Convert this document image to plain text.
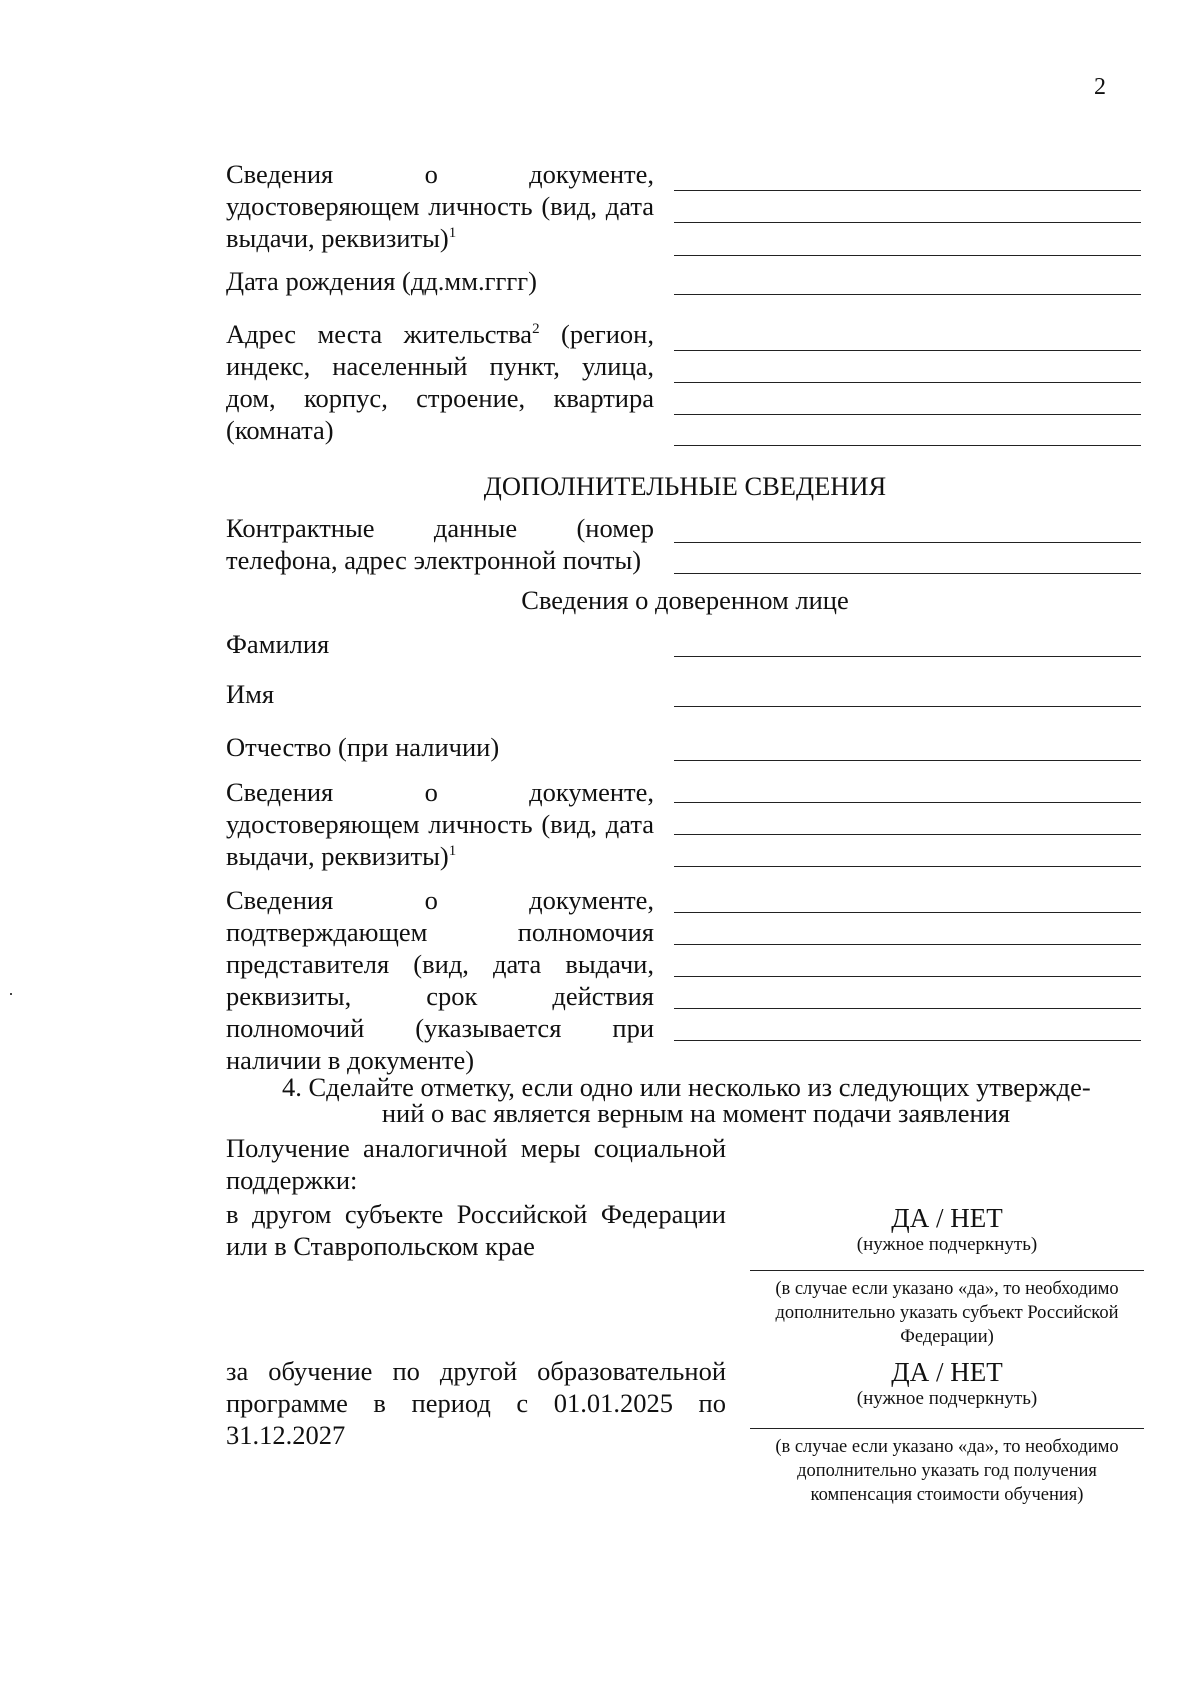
2
Сведения о документе, удостоверяющем личность (вид, дата выдачи, реквизиты)$^1$
Дата рождения (дд.мм.гггг)
Адрес места жительства$^2$ (регион, индекс, населенный пункт, улица, дом, корпус, строение, квартира (комната)
ДОПОЛНИТЕЛЬНЫЕ СВЕДЕНИЯ
Контрактные данные (номер телефона, адрес электронной почты)
Сведения о доверенном лице
Фамилия
Имя
Отчество (при наличии)
Сведения о документе, удостоверяющем личность (вид, дата выдачи, реквизиты)$^1$
Сведения о документе, подтверждающем полномочия представителя (вид, дата выдачи, реквизиты, срок действия полномочий (указывается при наличии в документе)
4. Сделайте отметку, если одно или несколько из следующих утвержде-
ний о вас является верным на момент подачи заявления
Получение аналогичной меры социальной поддержки:
в другом субъекте Российской Федерации или в Ставропольском крае
ДА / НЕТ
(нужное подчеркнуть)
(в случае если указано «да», то необходимо дополнительно указать субъект Российской Федерации)
за обучение по другой образовательной программе в период с 01.01.2025 по 31.12.2027
ДА / НЕТ
(нужное подчеркнуть)
(в случае если указано «да», то необходимо дополнительно указать год получения компенсация стоимости обучения)
